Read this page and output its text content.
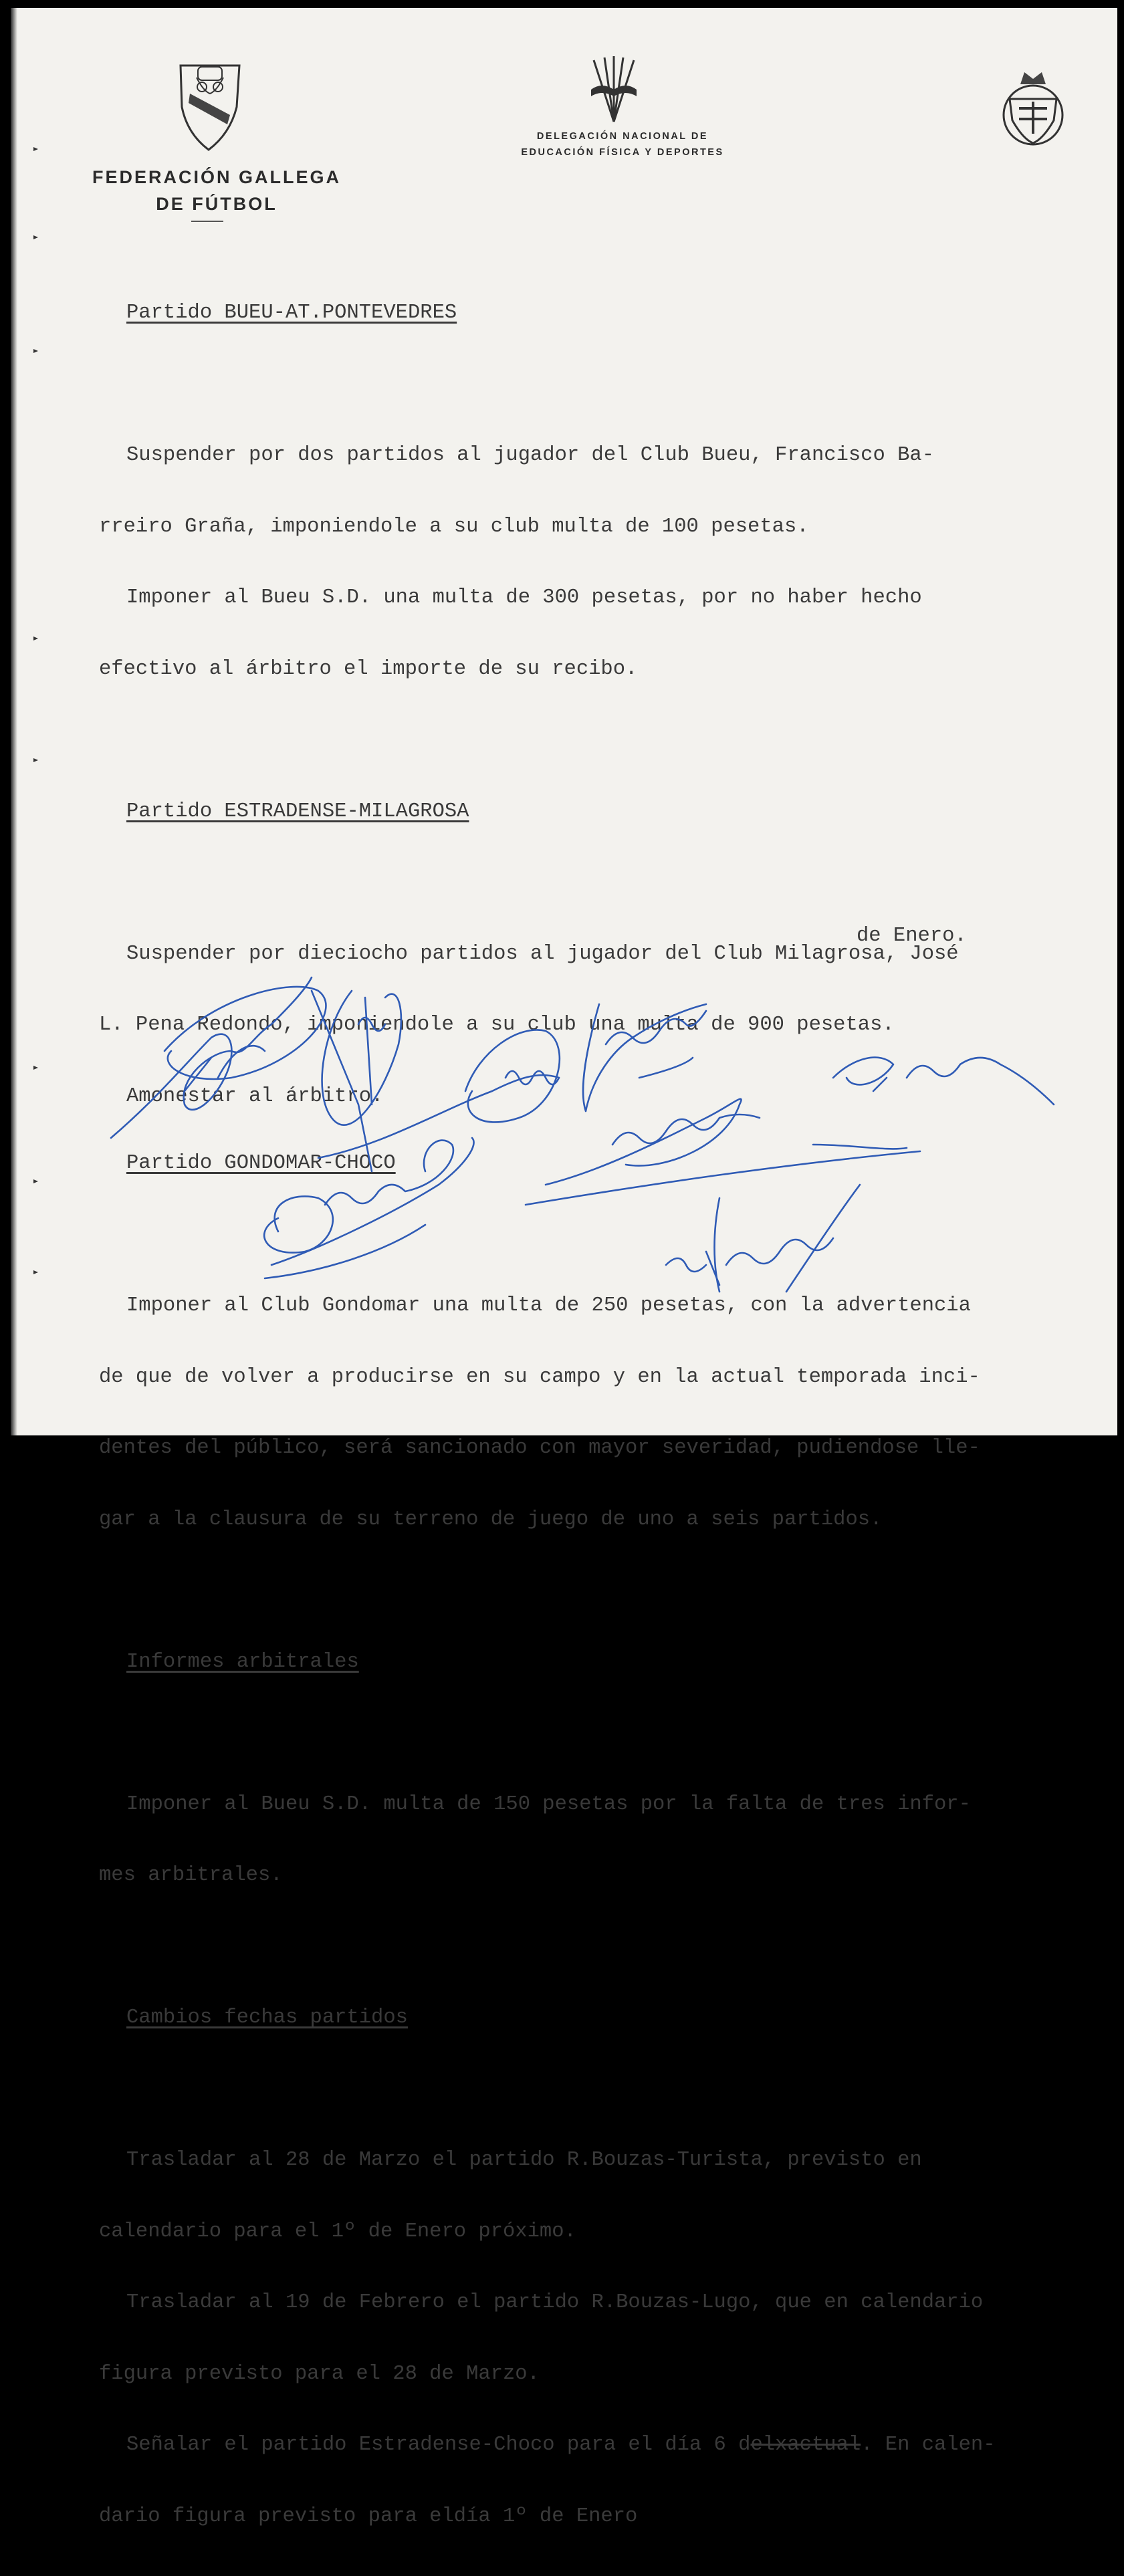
FEDERACIÓN GALLEGA
DE FÚTBOL
DELEGACIÓN NACIONAL DE
EDUCACIÓN FÍSICA Y DEPORTES

Partido BUEU-AT.PONTEVEDRES

Suspender por dos partidos al jugador del Club Bueu, Francisco Ba-

rreiro Graña, imponiendole a su club multa de 100 pesetas.

Imponer al Bueu S.D. una multa de 300 pesetas, por no haber hecho

efectivo al árbitro el importe de su recibo.

Partido ESTRADENSE-MILAGROSA

Suspender por dieciocho partidos al jugador del Club Milagrosa, José

L. Pena Redondo, imponiendole a su club una multa de 900 pesetas.

Amonestar al árbitro.

Partido GONDOMAR-CHOCO

Imponer al Club Gondomar una multa de 250 pesetas, con la advertencia

de que de volver a producirse en su campo y en la actual temporada inci-

dentes del público, será sancionado con mayor severidad, pudiendose lle-

gar a la clausura de su terreno de juego de uno a seis partidos.

Informes arbitrales

Imponer al Bueu S.D. multa de 150 pesetas por la falta de tres infor-

mes arbitrales.

Cambios fechas partidos

Trasladar al 28 de Marzo el partido R.Bouzas-Turista, previsto en

calendario para el 1º de Enero próximo.

Trasladar al 19 de Febrero el partido R.Bouzas-Lugo, que en calendario

figura previsto para el 28 de Marzo.

Señalar el partido Estradense-Choco para el día 6 delxactual. En calen-

dario figura previsto para eldía 1º de Enero

de Enero.
